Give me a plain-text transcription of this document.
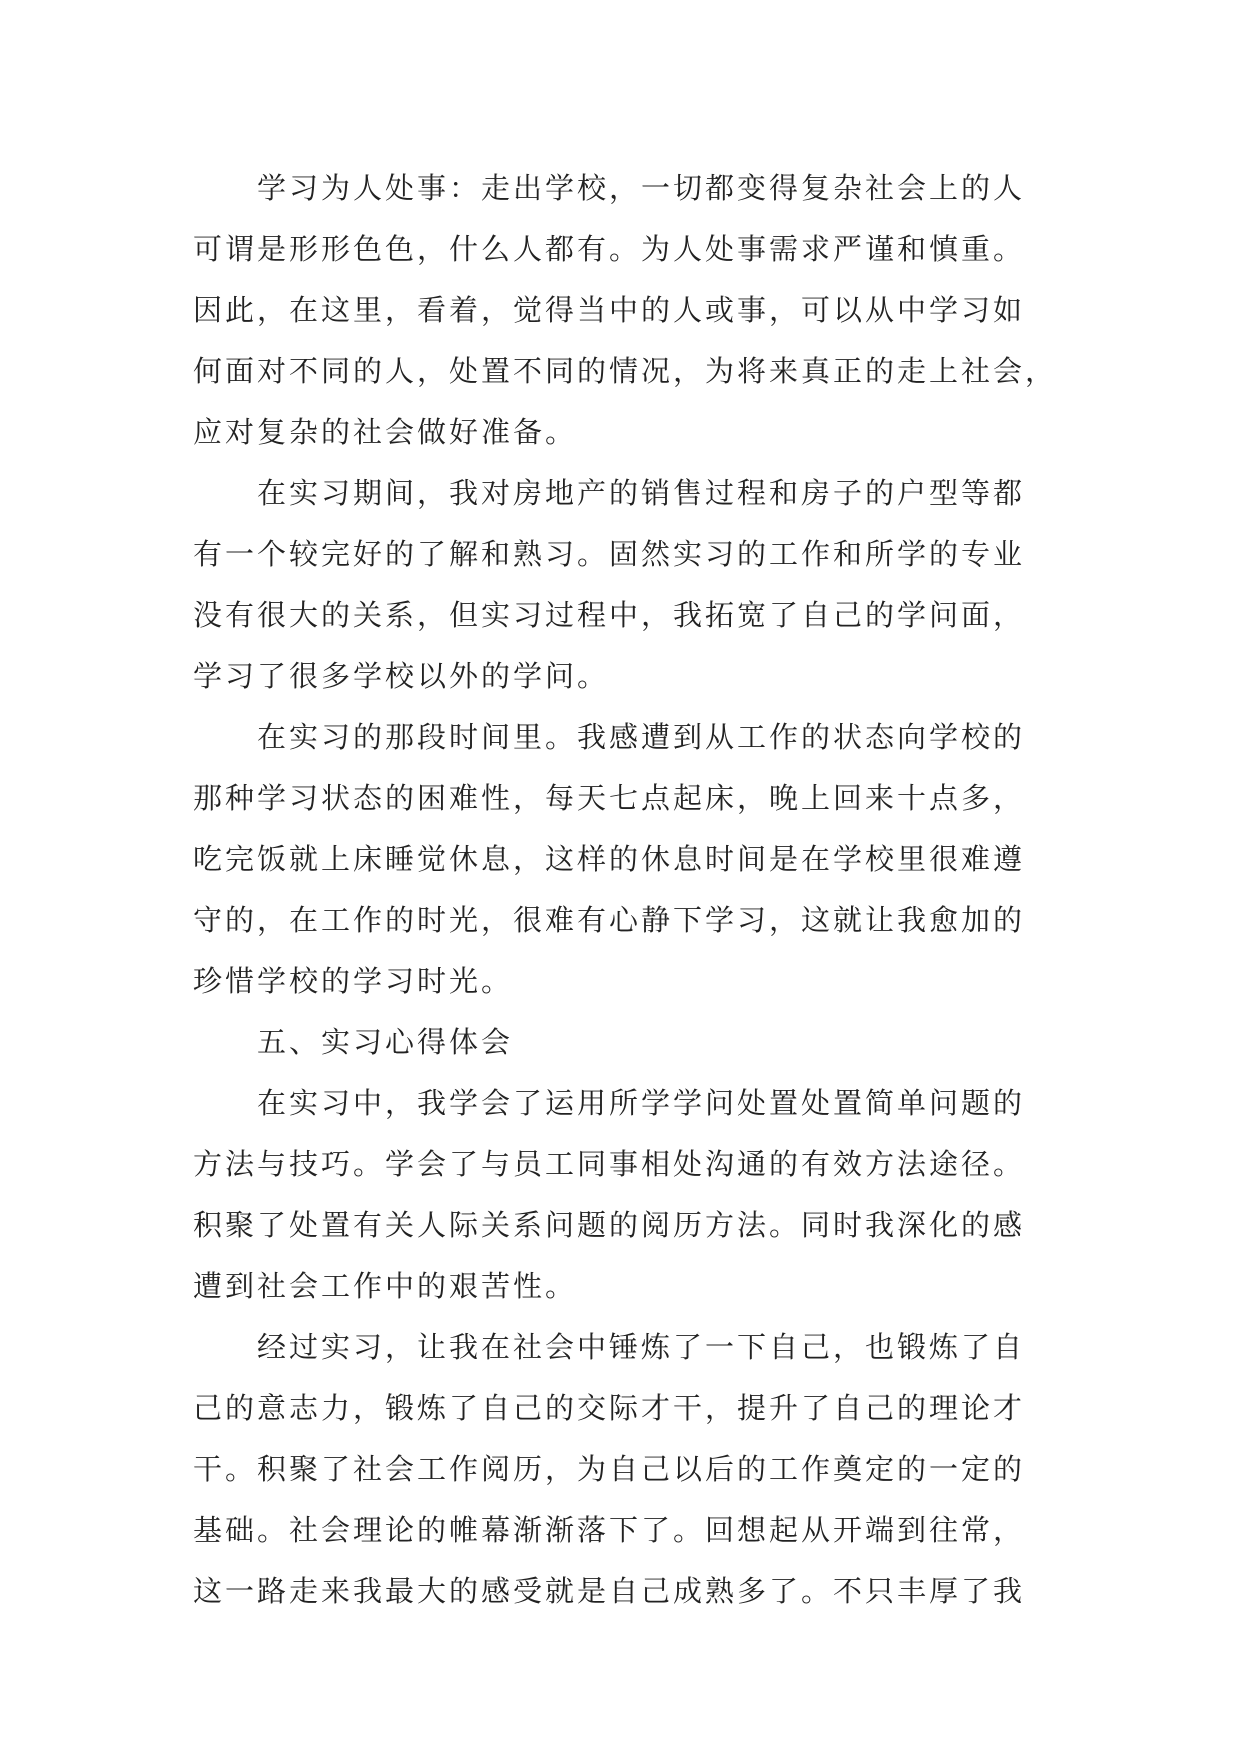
学习为人处事：走出学校，一切都变得复杂社会上的人
可谓是形形色色，什么人都有。为人处事需求严谨和慎重。
因此，在这里，看着，觉得当中的人或事，可以从中学习如
何面对不同的人，处置不同的情况，为将来真正的走上社会，
应对复杂的社会做好准备。
在实习期间，我对房地产的销售过程和房子的户型等都
有一个较完好的了解和熟习。固然实习的工作和所学的专业
没有很大的关系，但实习过程中，我拓宽了自己的学问面，
学习了很多学校以外的学问。
在实习的那段时间里。我感遭到从工作的状态向学校的
那种学习状态的困难性，每天七点起床，晚上回来十点多，
吃完饭就上床睡觉休息，这样的休息时间是在学校里很难遵
守的，在工作的时光，很难有心静下学习，这就让我愈加的
珍惜学校的学习时光。
五、实习心得体会
在实习中，我学会了运用所学学问处置处置简单问题的
方法与技巧。学会了与员工同事相处沟通的有效方法途径。
积聚了处置有关人际关系问题的阅历方法。同时我深化的感
遭到社会工作中的艰苦性。
经过实习，让我在社会中锤炼了一下自己，也锻炼了自
己的意志力，锻炼了自己的交际才干，提升了自己的理论才
干。积聚了社会工作阅历，为自己以后的工作奠定的一定的
基础。社会理论的帷幕渐渐落下了。回想起从开端到往常，
这一路走来我最大的感受就是自己成熟多了。不只丰厚了我
